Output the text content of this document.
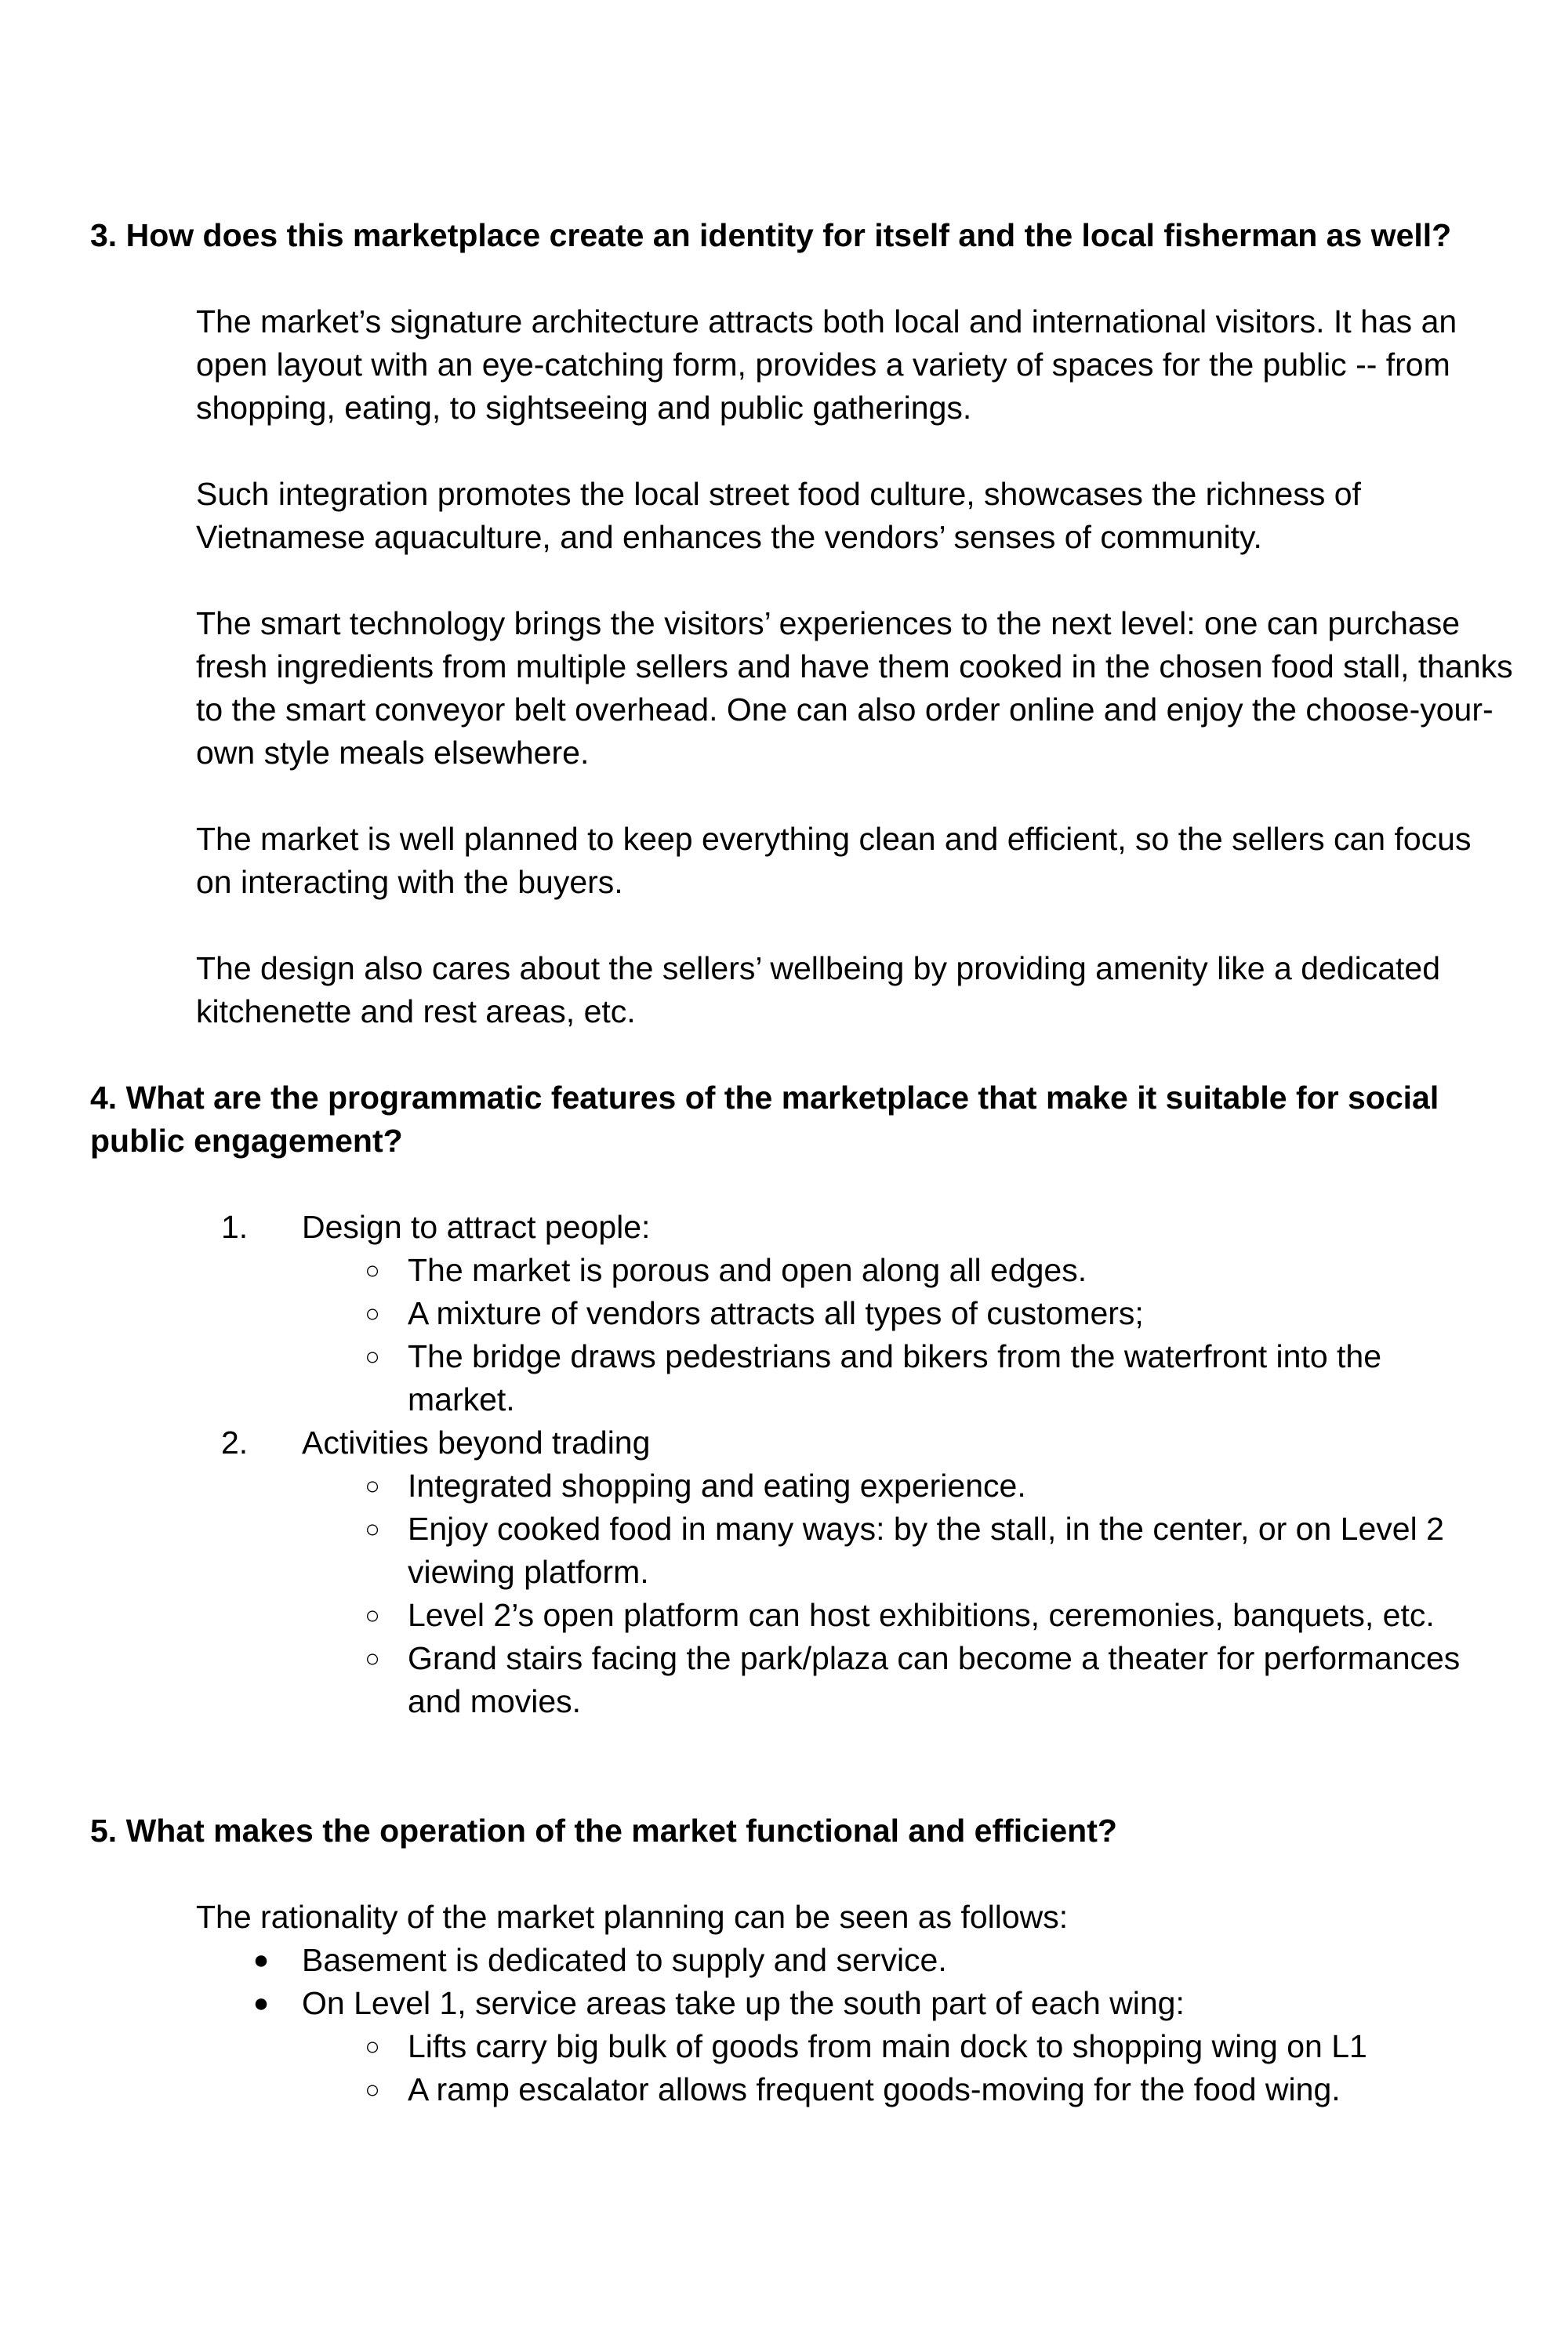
3. How does this marketplace create an identity for itself and the local fisherman as well?

The market’s signature architecture attracts both local and international visitors. It has an open layout with an eye-catching form, provides a variety of spaces for the public -- from shopping, eating, to sightseeing and public gatherings.

Such integration promotes the local street food culture, showcases the richness of Vietnamese aquaculture, and enhances the vendors’ senses of community.

The smart technology brings the visitors’ experiences to the next level: one can purchase fresh ingredients from multiple sellers and have them cooked in the chosen food stall, thanks to the smart conveyor belt overhead. One can also order online and enjoy the choose-your-own style meals elsewhere.

The market is well planned to keep everything clean and efficient, so the sellers can focus on interacting with the buyers.

The design also cares about the sellers’ wellbeing by providing amenity like a dedicated kitchenette and rest areas, etc.

4. What are the programmatic features of the marketplace that make it suitable for social public engagement?

1. Design to attract people:

○ The market is porous and open along all edges.

○ A mixture of vendors attracts all types of customers;

○ The bridge draws pedestrians and bikers from the waterfront into the market.

2. Activities beyond trading

○ Integrated shopping and eating experience.

○ Enjoy cooked food in many ways: by the stall, in the center, or on Level 2 viewing platform.

○ Level 2’s open platform can host exhibitions, ceremonies, banquets, etc.

○ Grand stairs facing the park/plaza can become a theater for performances and movies.

5. What makes the operation of the market functional and efficient?

The rationality of the market planning can be seen as follows:

● Basement is dedicated to supply and service.

● On Level 1, service areas take up the south part of each wing:

○ Lifts carry big bulk of goods from main dock to shopping wing on L1

○ A ramp escalator allows frequent goods-moving for the food wing.
